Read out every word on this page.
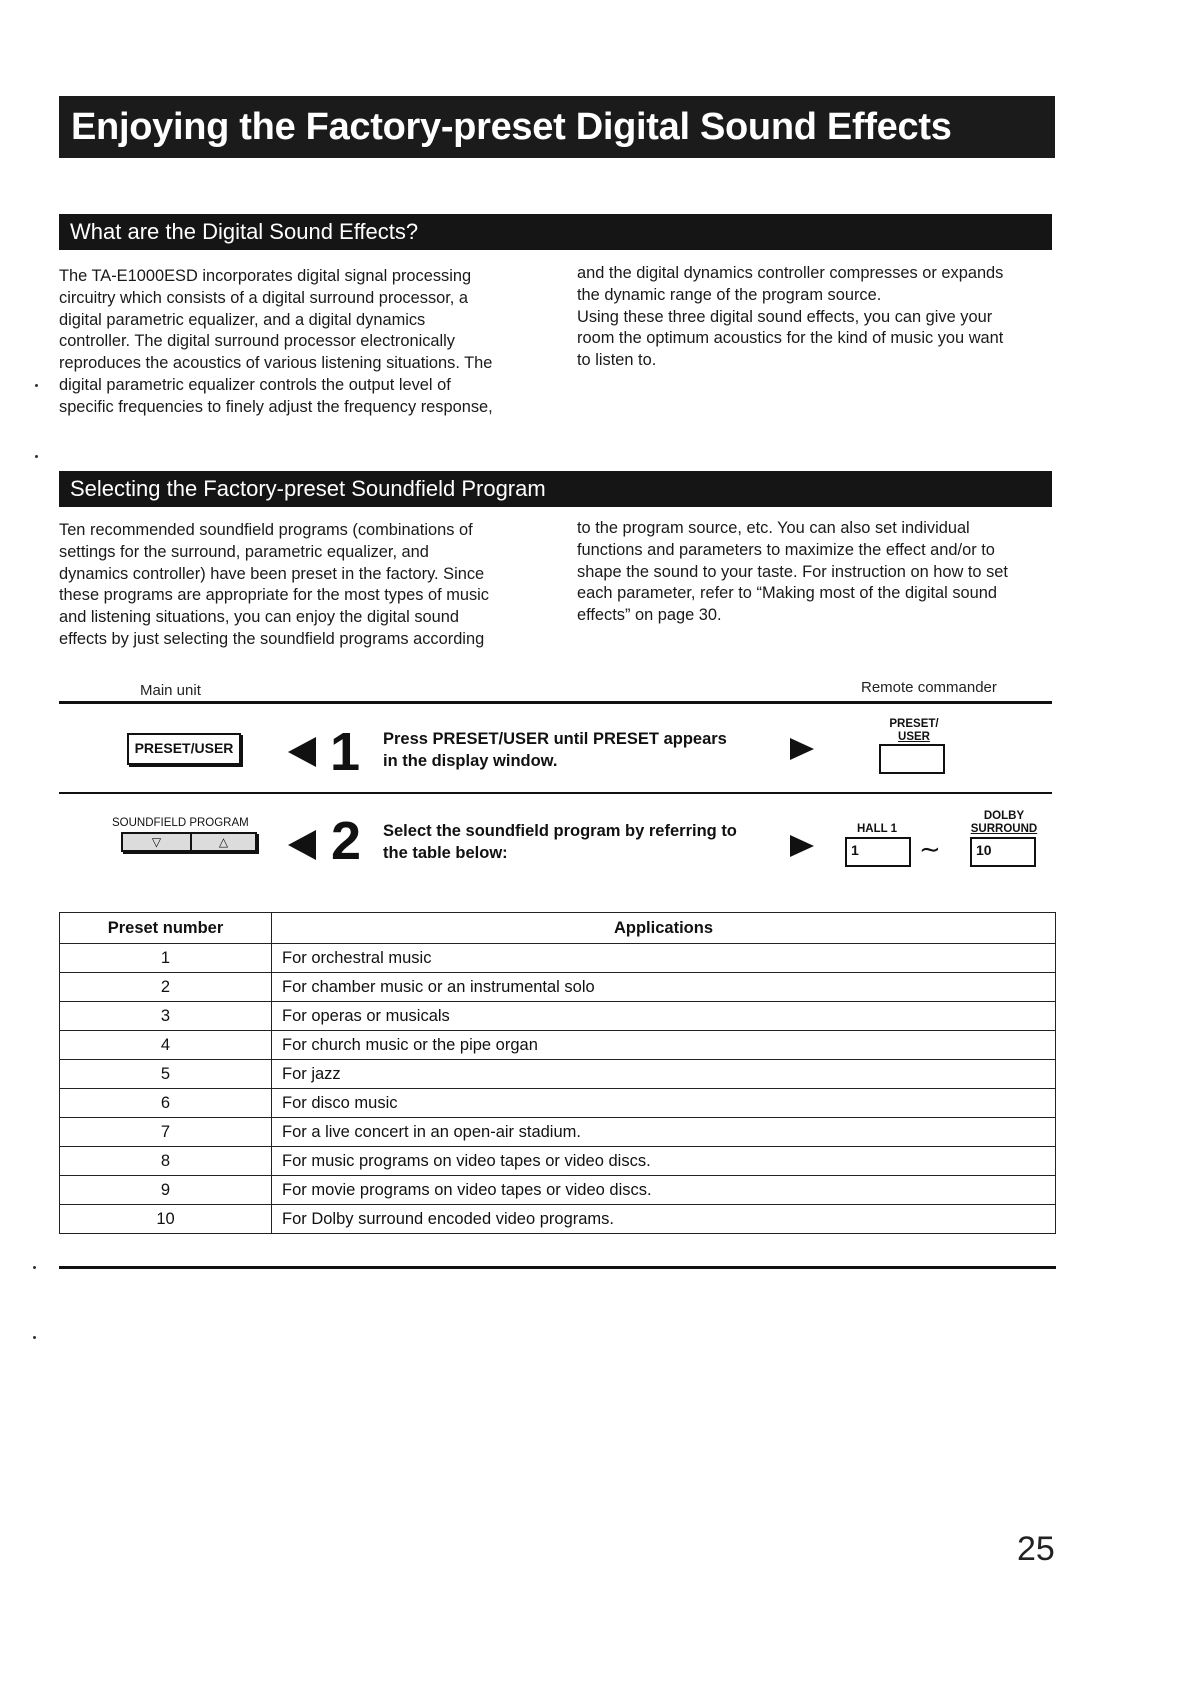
Enjoying the Factory-preset Digital Sound Effects
What are the Digital Sound Effects?
The TA-E1000ESD incorporates digital signal processing
circuitry which consists of a digital surround processor, a
digital parametric equalizer, and a digital dynamics
controller. The digital surround processor electronically
reproduces the acoustics of various listening situations. The
digital parametric equalizer controls the output level of
specific frequencies to finely adjust the frequency response,
and the digital dynamics controller compresses or expands
the dynamic range of the program source.
Using these three digital sound effects, you can give your
room the optimum acoustics for the kind of music you want
to listen to.
Selecting the Factory-preset Soundfield Program
Ten recommended soundfield programs (combinations of
settings for the surround, parametric equalizer, and
dynamics controller) have been preset in the factory. Since
these programs are appropriate for the most types of music
and listening situations, you can enjoy the digital sound
effects by just selecting the soundfield programs according
to the program source, etc. You can also set individual
functions and parameters to maximize the effect and/or to
shape the sound to your taste. For instruction on how to set
each parameter, refer to “Making most of the digital sound
effects” on page 30.
Main unit	Remote commander
PRESET/USER 1 Press PRESET/USER until PRESET appears
in the display window.
PRESET/
USER
SOUNDFIELD PROGRAM
▽	△	2 Select the soundfield program by referring to
the table below:
HALL 1
1	∼
DOLBY
SURROUND
10
Preset number	Applications
1	For orchestral music
2	For chamber music or an instrumental solo
3	For operas or musicals
4	For church music or the pipe organ
5	For jazz
6	For disco music
7	For a live concert in an open-air stadium.
8	For music programs on video tapes or video discs.
9	For movie programs on video tapes or video discs.
10	For Dolby surround encoded video programs.
25
